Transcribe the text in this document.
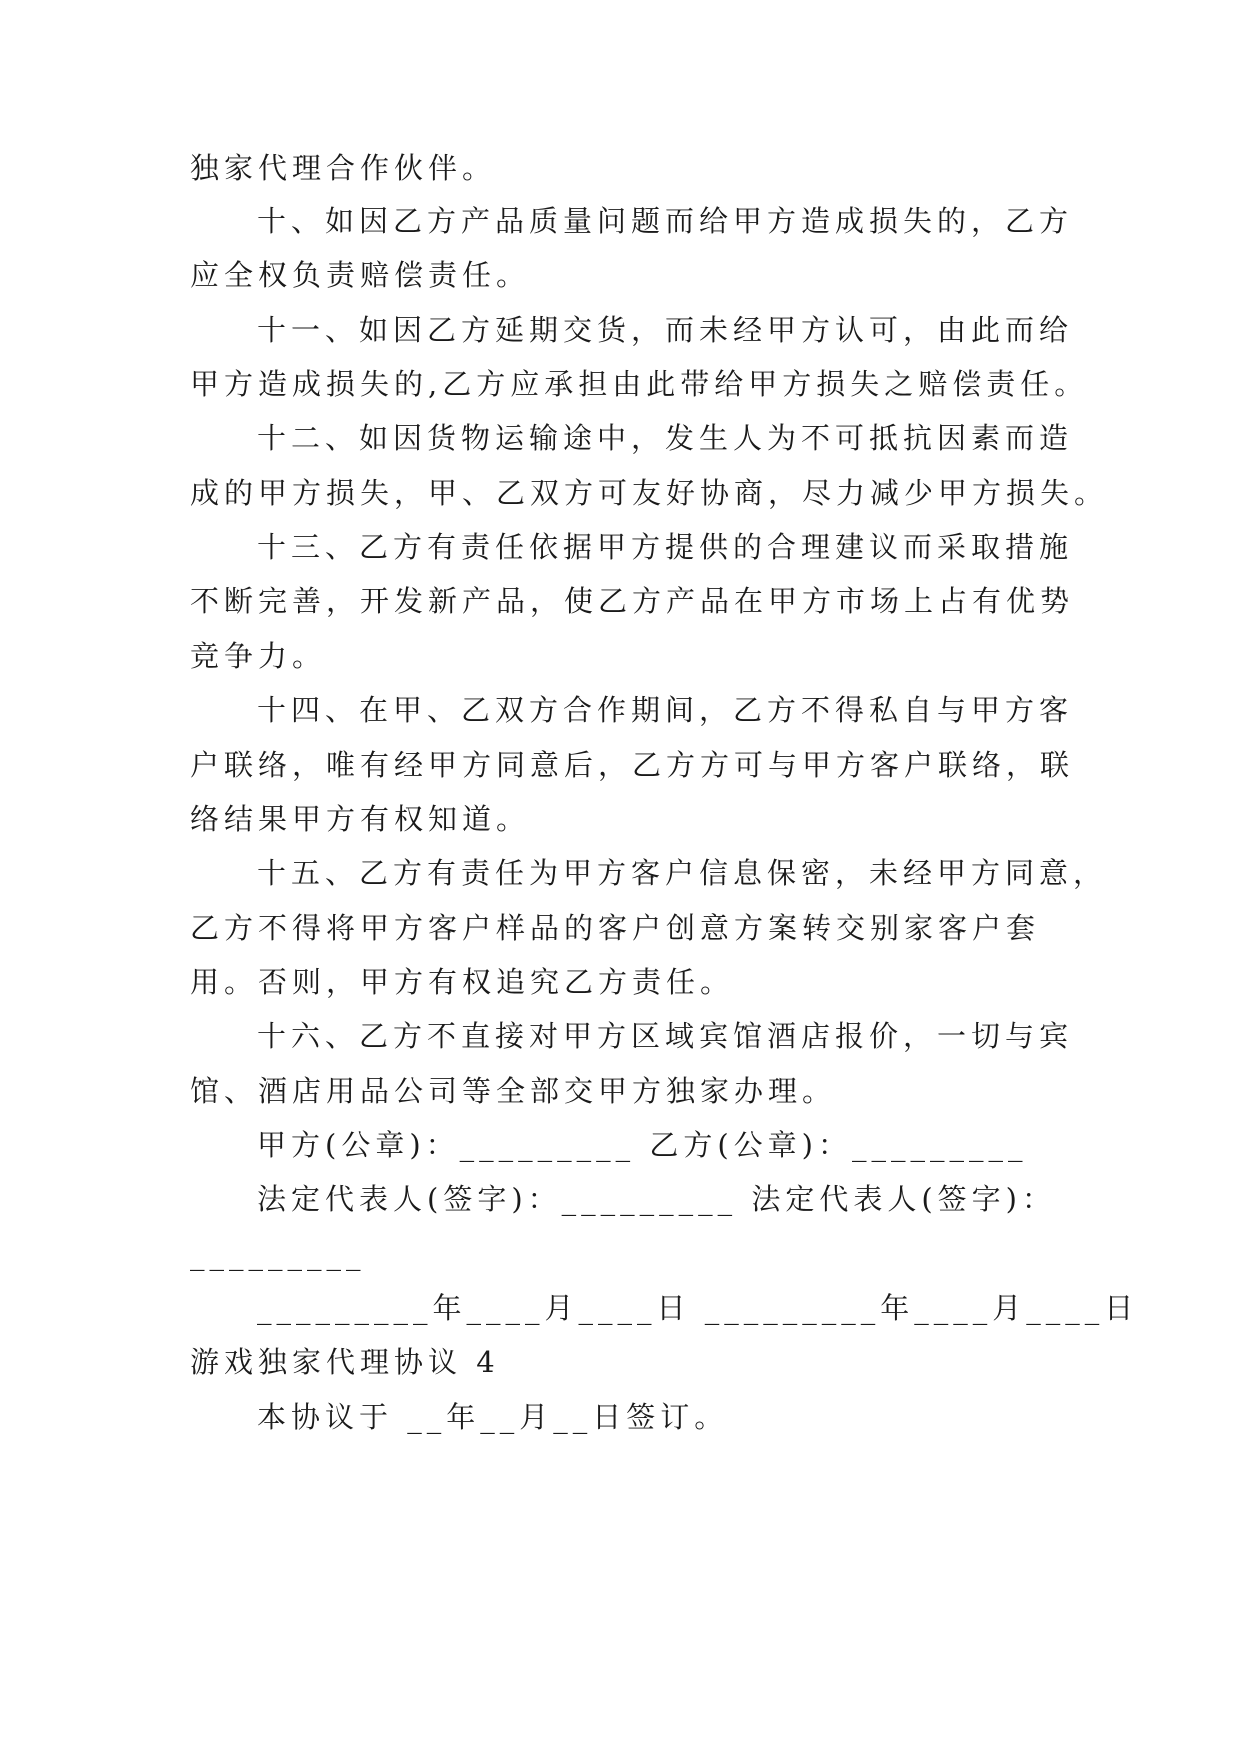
独家代理合作伙伴。
十、如因乙方产品质量问题而给甲方造成损失的，乙方
应全权负责赔偿责任。
十一、如因乙方延期交货，而未经甲方认可，由此而给
甲方造成损失的,乙方应承担由此带给甲方损失之赔偿责任。
十二、如因货物运输途中，发生人为不可抵抗因素而造
成的甲方损失，甲、乙双方可友好协商，尽力减少甲方损失。
十三、乙方有责任依据甲方提供的合理建议而采取措施
不断完善，开发新产品，使乙方产品在甲方市场上占有优势
竞争力。
十四、在甲、乙双方合作期间，乙方不得私自与甲方客
户联络，唯有经甲方同意后，乙方方可与甲方客户联络，联
络结果甲方有权知道。
十五、乙方有责任为甲方客户信息保密，未经甲方同意，
乙方不得将甲方客户样品的客户创意方案转交别家客户套
用。否则，甲方有权追究乙方责任。
十六、乙方不直接对甲方区域宾馆酒店报价，一切与宾
馆、酒店用品公司等全部交甲方独家办理。
甲方(公章)：_________ 乙方(公章)：_________
法定代表人(签字)：_________ 法定代表人(签字)：
_________
_________年____月____日 _________年____月____日
游戏独家代理协议 4
本协议于 __年__月__日签订。
